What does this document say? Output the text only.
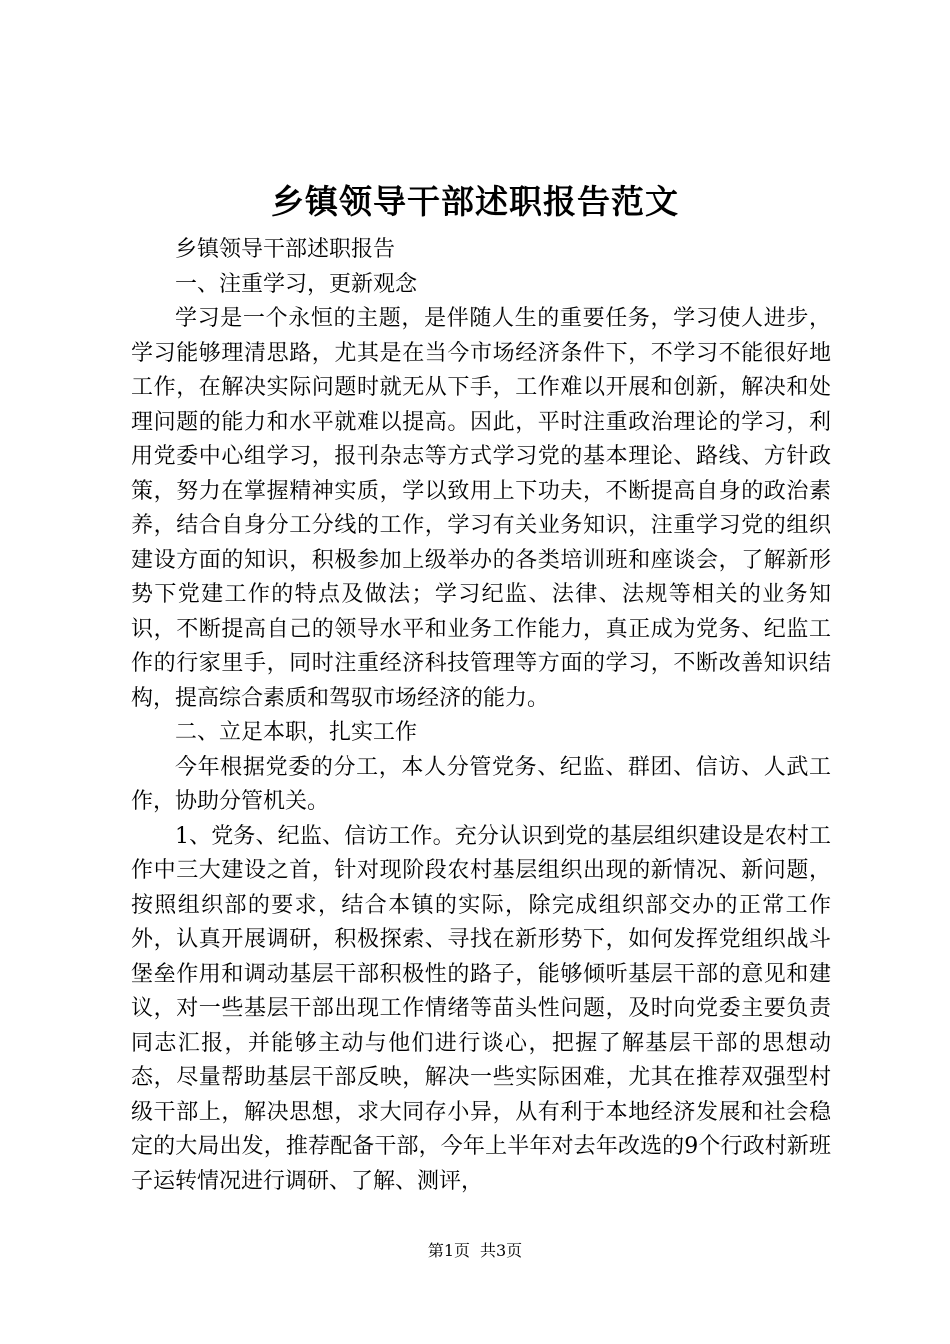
乡镇领导干部述职报告范文

乡镇领导干部述职报告

一、注重学习，更新观念

学习是一个永恒的主题，是伴随人生的重要任务，学习使人进步，学习能够理清思路，尤其是在当今市场经济条件下，不学习不能很好地工作，在解决实际问题时就无从下手，工作难以开展和创新，解决和处理问题的能力和水平就难以提高。因此，平时注重政治理论的学习，利用党委中心组学习，报刊杂志等方式学习党的基本理论、路线、方针政策，努力在掌握精神实质，学以致用上下功夫，不断提高自身的政治素养，结合自身分工分线的工作，学习有关业务知识，注重学习党的组织建设方面的知识，积极参加上级举办的各类培训班和座谈会，了解新形势下党建工作的特点及做法；学习纪监、法律、法规等相关的业务知识，不断提高自己的领导水平和业务工作能力，真正成为党务、纪监工作的行家里手，同时注重经济科技管理等方面的学习，不断改善知识结构，提高综合素质和驾驭市场经济的能力。

二、立足本职，扎实工作

今年根据党委的分工，本人分管党务、纪监、群团、信访、人武工作，协助分管机关。

1、党务、纪监、信访工作。充分认识到党的基层组织建设是农村工作中三大建设之首，针对现阶段农村基层组织出现的新情况、新问题，按照组织部的要求，结合本镇的实际，除完成组织部交办的正常工作外，认真开展调研，积极探索、寻找在新形势下，如何发挥党组织战斗堡垒作用和调动基层干部积极性的路子，能够倾听基层干部的意见和建议，对一些基层干部出现工作情绪等苗头性问题，及时向党委主要负责同志汇报，并能够主动与他们进行谈心，把握了解基层干部的思想动态，尽量帮助基层干部反映，解决一些实际困难，尤其在推荐双强型村级干部上，解决思想，求大同存小异，从有利于本地经济发展和社会稳定的大局出发，推荐配备干部，今年上半年对去年改选的9个行政村新班子运转情况进行调研、了解、测评，

第1页 共3页
